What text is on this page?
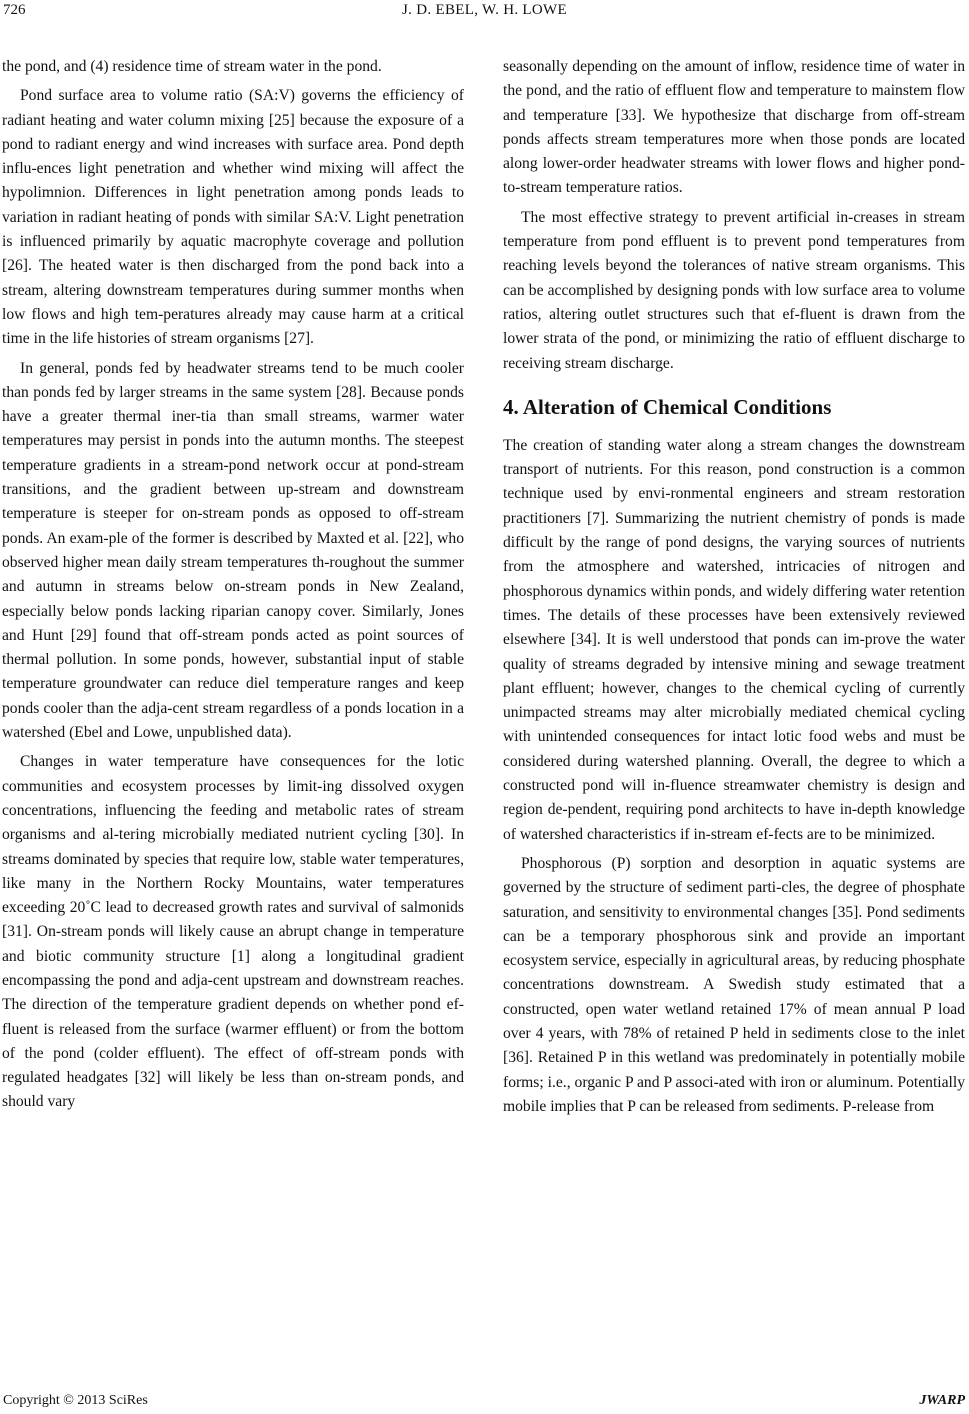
726	J. D. EBEL, W. H. LOWE

the pond, and (4) residence time of stream water in the pond.

Pond surface area to volume ratio (SA:V) governs the efficiency of radiant heating and water column mixing [25] because the exposure of a pond to radiant energy and wind increases with surface area. Pond depth influ-ences light penetration and whether wind mixing will affect the hypolimnion. Differences in light penetration among ponds leads to variation in radiant heating of ponds with similar SA:V. Light penetration is influenced primarily by aquatic macrophyte coverage and pollution [26]. The heated water is then discharged from the pond back into a stream, altering downstream temperatures during summer months when low flows and high tem-peratures already may cause harm at a critical time in the life histories of stream organisms [27].

In general, ponds fed by headwater streams tend to be much cooler than ponds fed by larger streams in the same system [28]. Because ponds have a greater thermal iner-tia than small streams, warmer water temperatures may persist in ponds into the autumn months. The steepest temperature gradients in a stream-pond network occur at pond-stream transitions, and the gradient between up-stream and downstream temperature is steeper for on-stream ponds as opposed to off-stream ponds. An exam-ple of the former is described by Maxted et al. [22], who observed higher mean daily stream temperatures th-roughout the summer and autumn in streams below on-stream ponds in New Zealand, especially below ponds lacking riparian canopy cover. Similarly, Jones and Hunt [29] found that off-stream ponds acted as point sources of thermal pollution. In some ponds, however, substantial input of stable temperature groundwater can reduce diel temperature ranges and keep ponds cooler than the adja-cent stream regardless of a ponds location in a watershed (Ebel and Lowe, unpublished data).

Changes in water temperature have consequences for the lotic communities and ecosystem processes by limit-ing dissolved oxygen concentrations, influencing the feeding and metabolic rates of stream organisms and al-tering microbially mediated nutrient cycling [30]. In streams dominated by species that require low, stable water temperatures, like many in the Northern Rocky Mountains, water temperatures exceeding 20˚C lead to decreased growth rates and survival of salmonids [31]. On-stream ponds will likely cause an abrupt change in temperature and biotic community structure [1] along a longitudinal gradient encompassing the pond and adja-cent upstream and downstream reaches. The direction of the temperature gradient depends on whether pond ef-fluent is released from the surface (warmer effluent) or from the bottom of the pond (colder effluent). The effect of off-stream ponds with regulated headgates [32] will likely be less than on-stream ponds, and should vary

seasonally depending on the amount of inflow, residence time of water in the pond, and the ratio of effluent flow and temperature to mainstem flow and temperature [33]. We hypothesize that discharge from off-stream ponds affects stream temperatures more when those ponds are located along lower-order headwater streams with lower flows and higher pond-to-stream temperature ratios.

The most effective strategy to prevent artificial in-creases in stream temperature from pond effluent is to prevent pond temperatures from reaching levels beyond the tolerances of native stream organisms. This can be accomplished by designing ponds with low surface area to volume ratios, altering outlet structures such that ef-fluent is drawn from the lower strata of the pond, or minimizing the ratio of effluent discharge to receiving stream discharge.

4. Alteration of Chemical Conditions

The creation of standing water along a stream changes the downstream transport of nutrients. For this reason, pond construction is a common technique used by envi-ronmental engineers and stream restoration practitioners [7]. Summarizing the nutrient chemistry of ponds is made difficult by the range of pond designs, the varying sources of nutrients from the atmosphere and watershed, intricacies of nitrogen and phosphorous dynamics within ponds, and widely differing water retention times. The details of these processes have been extensively reviewed elsewhere [34]. It is well understood that ponds can im-prove the water quality of streams degraded by intensive mining and sewage treatment plant effluent; however, changes to the chemical cycling of currently unimpacted streams may alter microbially mediated chemical cycling with unintended consequences for intact lotic food webs and must be considered during watershed planning. Overall, the degree to which a constructed pond will in-fluence streamwater chemistry is design and region de-pendent, requiring pond architects to have in-depth knowledge of watershed characteristics if in-stream ef-fects are to be minimized.

Phosphorous (P) sorption and desorption in aquatic systems are governed by the structure of sediment parti-cles, the degree of phosphate saturation, and sensitivity to environmental changes [35]. Pond sediments can be a temporary phosphorous sink and provide an important ecosystem service, especially in agricultural areas, by reducing phosphate concentrations downstream. A Swedish study estimated that a constructed, open water wetland retained 17% of mean annual P load over 4 years, with 78% of retained P held in sediments close to the inlet [36]. Retained P in this wetland was predominately in potentially mobile forms; i.e., organic P and P associ-ated with iron or aluminum. Potentially mobile implies that P can be released from sediments. P-release from

Copyright © 2013 SciRes	JWARP
